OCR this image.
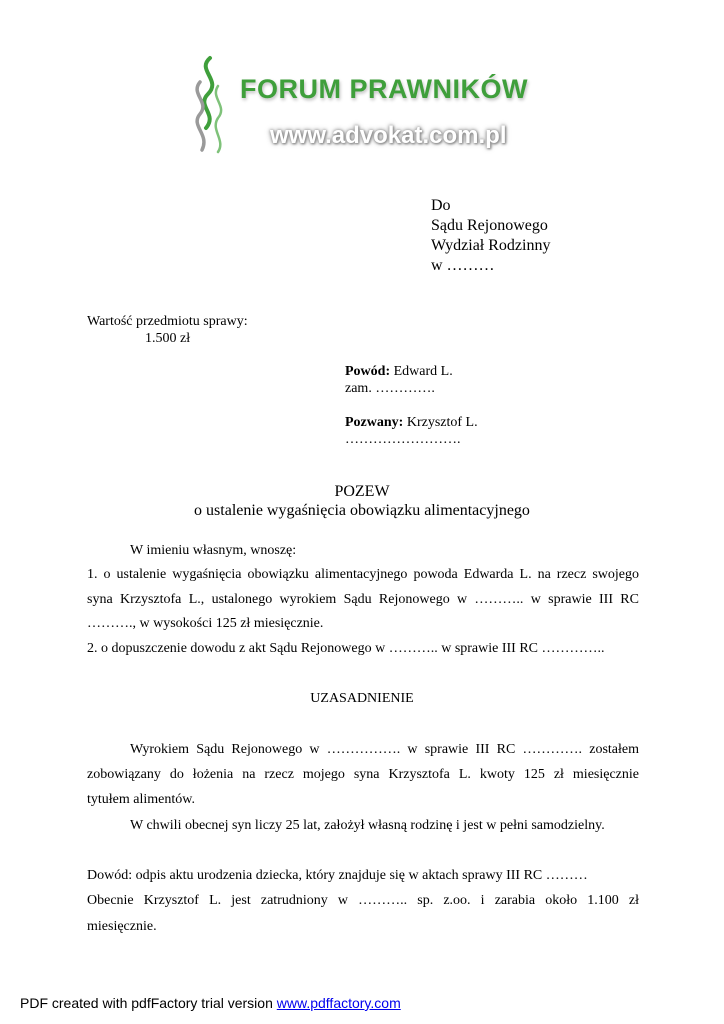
FORUM PRAWNIKÓW
www.advokat.com.pl
Do
Sądu Rejonowego
Wydział Rodzinny
w ………
Wartość przedmiotu sprawy:
1.500 zł
Powód: Edward L.
zam. ………….
Pozwany: Krzysztof L.
…………………….
POZEW
o ustalenie wygaśnięcia obowiązku alimentacyjnego
W imieniu własnym, wnoszę:
1. o ustalenie wygaśnięcia obowiązku alimentacyjnego powoda Edwarda L. na rzecz swojego
syna Krzysztofa L., ustalonego wyrokiem Sądu Rejonowego w ……….. w sprawie III RC
………., w wysokości 125 zł miesięcznie.
2. o dopuszczenie dowodu z akt Sądu Rejonowego w ……….. w sprawie III RC …………..
UZASADNIENIE
Wyrokiem Sądu Rejonowego w ……………. w sprawie III RC …………. zostałem
zobowiązany do łożenia na rzecz mojego syna Krzysztofa L. kwoty 125 zł miesięcznie
tytułem alimentów.
W chwili obecnej syn liczy 25 lat, założył własną rodzinę i jest w pełni samodzielny.
Dowód: odpis aktu urodzenia dziecka, który znajduje się w aktach sprawy III RC ………
Obecnie Krzysztof L. jest zatrudniony w ……….. sp. z.oo. i zarabia około 1.100 zł
miesięcznie.
PDF created with pdfFactory trial version www.pdffactory.com
